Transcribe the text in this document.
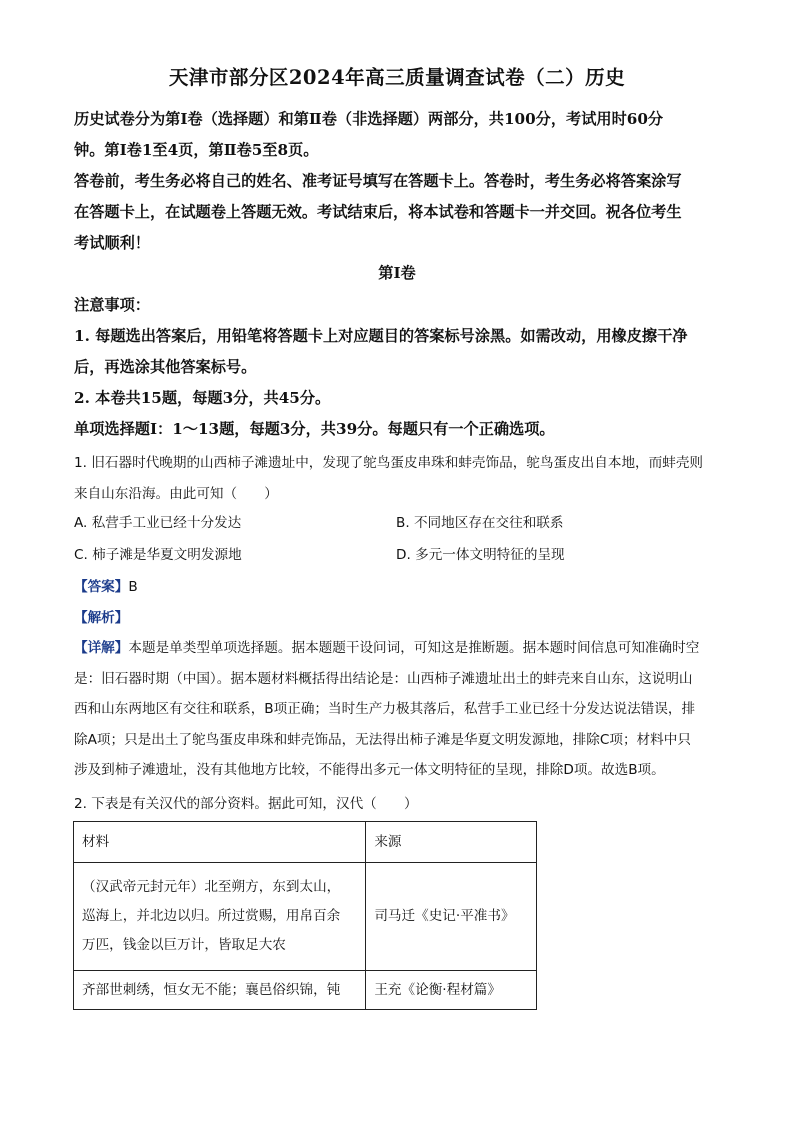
天津市部分区2024年高三质量调查试卷（二）历史

历史试卷分为第Ⅰ卷（选择题）和第Ⅱ卷（非选择题）两部分，共100分，考试用时60分

钟。第Ⅰ卷1至4页，第Ⅱ卷5至8页。

答卷前，考生务必将自己的姓名、准考证号填写在答题卡上。答卷时，考生务必将答案涂写

在答题卡上，在试题卷上答题无效。考试结束后，将本试卷和答题卡一并交回。祝各位考生

考试顺利！

第Ⅰ卷

注意事项：

1. 每题选出答案后，用铅笔将答题卡上对应题目的答案标号涂黑。如需改动，用橡皮擦干净

后，再选涂其他答案标号。

2. 本卷共15题，每题3分，共45分。

单项选择题Ⅰ：1～13题，每题3分，共39分。每题只有一个正确选项。

1. 旧石器时代晚期的山西柿子滩遗址中，发现了鸵鸟蛋皮串珠和蚌壳饰品，鸵鸟蛋皮出自本地，而蚌壳则

来自山东沿海。由此可知（　　）

A. 私营手工业已经十分发达	B. 不同地区存在交往和联系
C. 柿子滩是华夏文明发源地	D. 多元一体文明特征的呈现
【答案】B
【解析】

【详解】本题是单类型单项选择题。据本题题干设问词，可知这是推断题。据本题时间信息可知准确时空

是：旧石器时期（中国）。据本题材料概括得出结论是：山西柿子滩遗址出土的蚌壳来自山东，这说明山

西和山东两地区有交往和联系，B项正确；当时生产力极其落后，私营手工业已经十分发达说法错误，排

除A项；只是出土了鸵鸟蛋皮串珠和蚌壳饰品，无法得出柿子滩是华夏文明发源地，排除C项；材料中只

涉及到柿子滩遗址，没有其他地方比较，不能得出多元一体文明特征的呈现，排除D项。故选B项。

2. 下表是有关汉代的部分资料。据此可知，汉代（　　）
材料	来源

（汉武帝元封元年）北至朔方，东到太山，
巡海上，并北边以归。所过赏赐，用帛百余
万匹，钱金以巨万计，皆取足大农	司马迁《史记·平准书》

齐部世刺绣，恒女无不能；襄邑俗织锦，钝	王充《论衡·程材篇》
